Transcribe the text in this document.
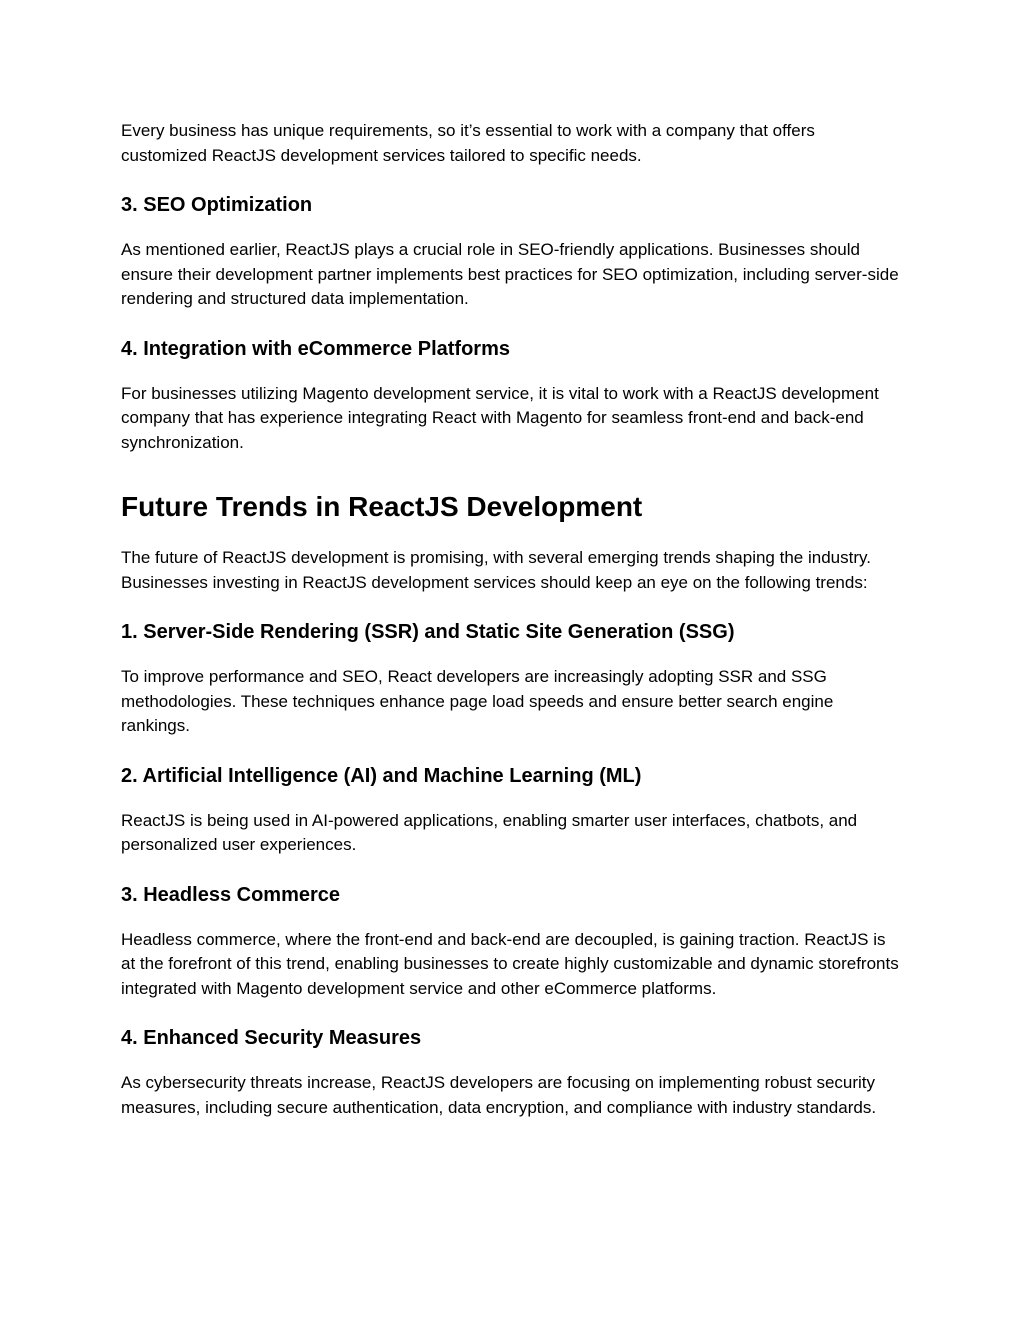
Every business has unique requirements, so it’s essential to work with a company that offers customized ReactJS development services tailored to specific needs.

3. SEO Optimization

As mentioned earlier, ReactJS plays a crucial role in SEO-friendly applications. Businesses should ensure their development partner implements best practices for SEO optimization, including server-side rendering and structured data implementation.

4. Integration with eCommerce Platforms

For businesses utilizing Magento development service, it is vital to work with a ReactJS development company that has experience integrating React with Magento for seamless front-end and back-end synchronization.

Future Trends in ReactJS Development

The future of ReactJS development is promising, with several emerging trends shaping the industry. Businesses investing in ReactJS development services should keep an eye on the following trends:

1. Server-Side Rendering (SSR) and Static Site Generation (SSG)

To improve performance and SEO, React developers are increasingly adopting SSR and SSG methodologies. These techniques enhance page load speeds and ensure better search engine rankings.

2. Artificial Intelligence (AI) and Machine Learning (ML)

ReactJS is being used in AI-powered applications, enabling smarter user interfaces, chatbots, and personalized user experiences.

3. Headless Commerce

Headless commerce, where the front-end and back-end are decoupled, is gaining traction. ReactJS is at the forefront of this trend, enabling businesses to create highly customizable and dynamic storefronts integrated with Magento development service and other eCommerce platforms.

4. Enhanced Security Measures

As cybersecurity threats increase, ReactJS developers are focusing on implementing robust security measures, including secure authentication, data encryption, and compliance with industry standards.
